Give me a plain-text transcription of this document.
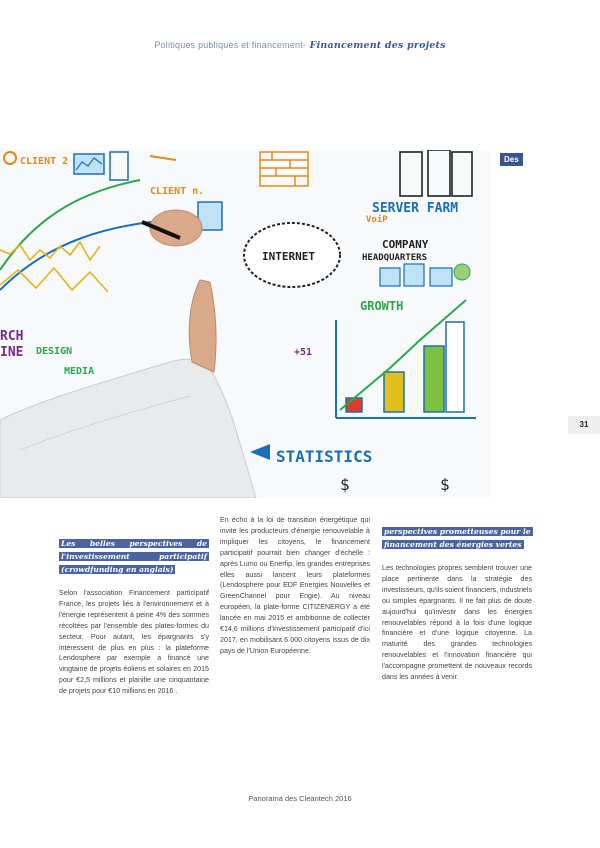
Politiques publiques et financement- Financement des projets
CLIENT 2
CLIENT n.
SERVER FARM
INTERNET
VoiP
COMPANY
HEADQUARTERS
GROWTH
+51
RCH
INE DESIGN
MEDIA
STATISTICS
$	$
Des
31
Les belles perspectives de l'investissement participatif (crowdfunding en anglais)

Selon l'association Financement participatif France, les projets liés à l'environnement et à l'énergie représentent à peine 4% des sommes récoltées par l'ensemble des plates-formes du secteur. Pour autant, les épargnants s'y intéressent de plus en plus : la plateforme Lendosphere par exemple a financé une vingtaine de projets éoliens et solaires en 2015 pour €2,5 millions et planifie une cinquantaine de projets pour €10 millions en 2016 .

En écho à la loi de transition énergétique qui invite les producteurs d'énergie renouvelable à impliquer les citoyens, le financement participatif pourrait bien changer d'échelle : après Lumo ou Enerfip, les grandes entreprises elles aussi lancent leurs plateformes (Lendosphere pour EDF Energies Nouvelles et GreenChannel pour Engie). Au niveau européen, la plate-forme CITIZENERGY a été lancée en mai 2015 et ambitionne de collecter €14,6 millions d'investissement participatif d'ici 2017, en mobilisant 6 000 citoyens issus de dix pays de l'Union Européenne.

perspectives prometteuses pour le financement des énergies vertes

Les technologies propres semblent trouver une place pertinente dans la stratégie des investisseurs, qu'ils soient financiers, industriels ou simples épargnants. Il ne fait plus de doute aujourd'hui qu'investir dans les énergies renouvelables répond à la fois d'une logique financière et d'une logique citoyenne. La maturité des grandes technologies renouvelables et l'innovation financière qui l'accompagne promettent de nouveaux records dans les années à venir.

Panorama des Cleantech 2016
